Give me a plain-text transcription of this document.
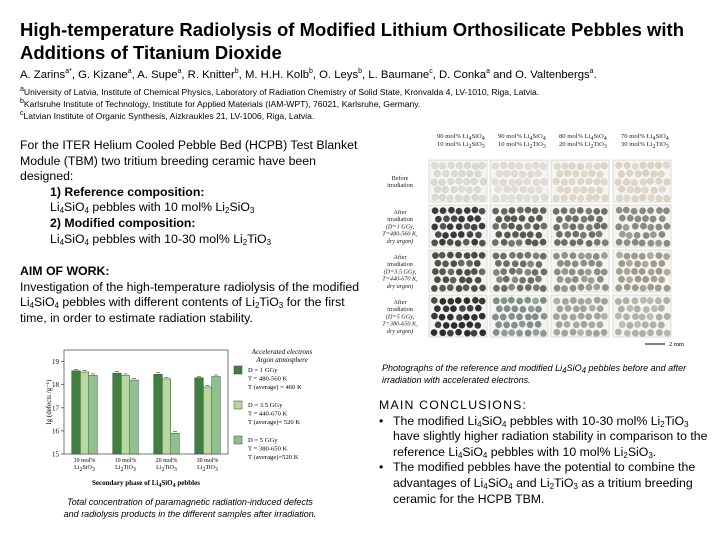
High-temperature Radiolysis of Modified Lithium Orthosilicate Pebbles with Additions of Titanium Dioxide
A. Zarins$^{a*}$, G. Kizane$^a$, A. Supe$^a$, R. Knitter$^b$, M. H.H. Kolb$^b$, O. Leys$^b$, L. Baumane$^c$, D. Conka$^a$ and O. Valtenbergs$^a$.
$^a$University of Latvia, Institute of Chemical Physics, Laboratory of Radiation Chemistry of Solid State, Kronvalda 4, LV-1010, Riga, Latvia.
$^b$Karlsruhe Institute of Technology, Institute for Applied Materials (IAM-WPT), 76021, Karlsruhe, Germany.
$^c$Latvian Institute of Organic Synthesis, Aizkraukles 21, LV-1006, Riga, Latvia.
For the ITER Helium Cooled Pebble Bed (HCPB) Test Blanket Module (TBM) two tritium breeding ceramic have been designed:
1) Reference composition:
$Li_4SiO_4$ pebbles with 10 mol% $Li_2SiO_3$
2) Modified composition:
$Li_4SiO_4$ pebbles with 10-30 mol% $Li_2TiO_3$
AIM OF WORK:
Investigation of the high-temperature radiolysis of the modified $Li_4SiO_4$ pebbles with different contents of $Li_2TiO_3$ for the first time, in order to estimate radiation stability.
90 mol% Li4SiO4
10 mol% Li2SiO3
90 mol% Li4SiO4
10 mol% Li2TiO3
80 mol% Li4SiO4
20 mol% Li2TiO3
70 mol% Li4SiO4
30 mol% Li2TiO3
Before
irradiation
After
irradiation
(D=1 GGy,
T=480-560 K,
dry argon)
After
irradiation
(D=3.5 GGy,
T=440-670 K,
dry argon)
After
irradiation
(D=5 GGy,
T=380-650 K,
dry argon)
2 mm
Photographs of the reference and modified $Li_4SiO_4$ pebbles before and after irradiation with accelerated electrons.
15
16
17
18
19
lg (defects /g⁻¹)
10 mol%
Li2SiO3
10 mol%
Li2TiO3
20 mol%
Li2TiO3
30 mol%
Li2TiO3
Secondary phase of Li4SiO4 pebbles
Accelerated electrons
Argon atmosphere
D = 1 GGy
T = 480-560 K
T (average) = 460 K
D = 3.5 GGy
T = 440-670 K
T (average)= 520 K
D = 5 GGy
T = 380-650 K
T (average)=520 K
Total concentration of paramagnetic radiation-induced defects
and radiolysis products in the different samples after irradiation.
MAIN CONCLUSIONS:
• The modified $Li_4SiO_4$ pebbles with 10-30 mol% $Li_2TiO_3$ have slightly higher radiation stability in comparison to the reference $Li_4SiO_4$ pebbles with 10 mol% $Li_2SiO_3$.
• The modified pebbles have the potential to combine the advantages of $Li_4SiO_4$ and $Li_2TiO_3$ as a tritium breeding ceramic for the HCPB TBM.
